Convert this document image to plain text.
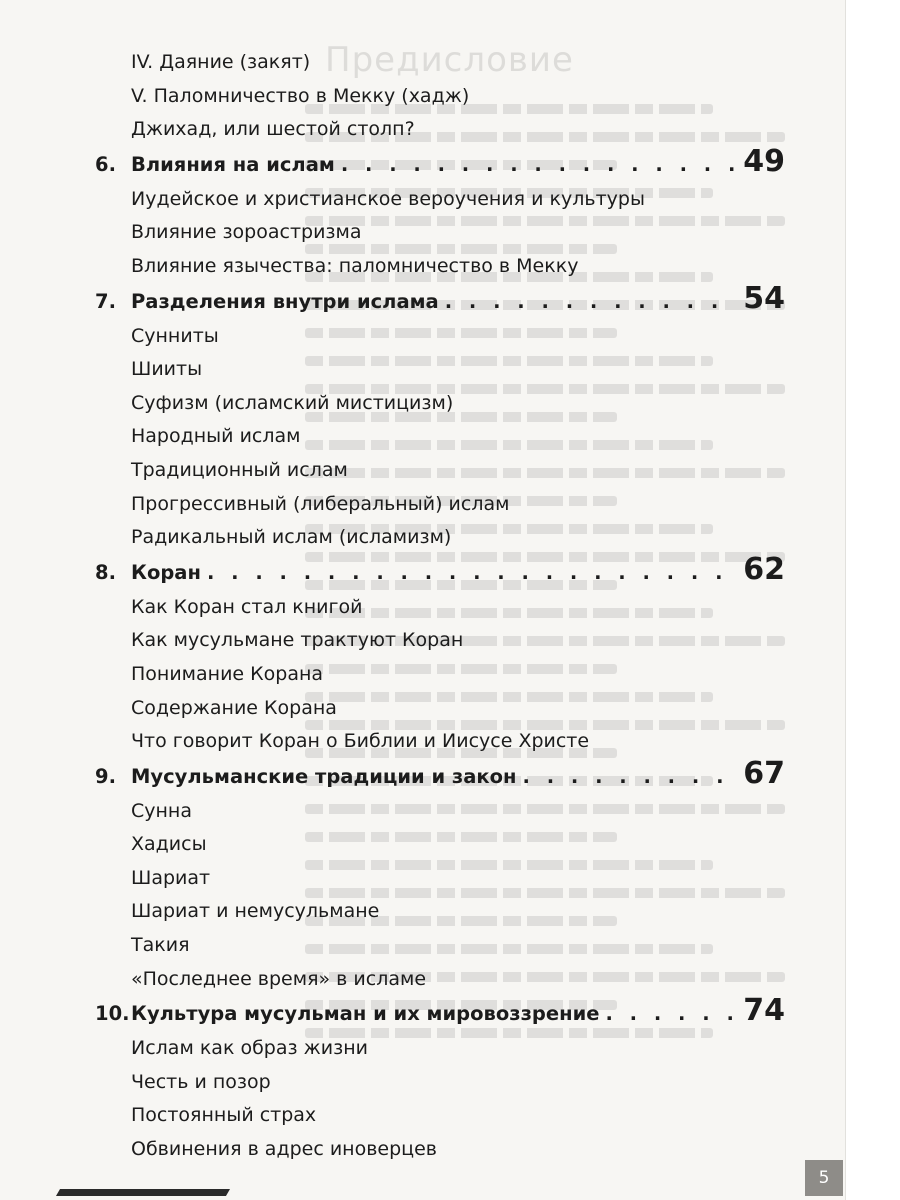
Предисловие
IV. Даяние (закят)
V. Паломничество в Мекку (хадж)
Джихад, или шестой столп?
6. Влияния на ислам . . .	49
Иудейское и христианское вероучения и культуры
Влияние зороастризма
Влияние язычества: паломничество в Мекку
7. Разделения внутри ислама . . .	54
Сунниты
Шииты
Суфизм (исламский мистицизм)
Народный ислам
Традиционный ислам
Прогрессивный (либеральный) ислам
Радикальный ислам (исламизм)
8. Коран . . .	62
Как Коран стал книгой
Как мусульмане трактуют Коран
Понимание Корана
Содержание Корана
Что говорит Коран о Библии и Иисусе Христе
9. Мусульманские традиции и закон . . .	67
Сунна
Хадисы
Шариат
Шариат и немусульмане
Такия
«Последнее время» в исламе
10. Культура мусульман и их мировоззрение . . .	74
Ислам как образ жизни
Честь и позор
Постоянный страх
Обвинения в адрес иноверцев
5
